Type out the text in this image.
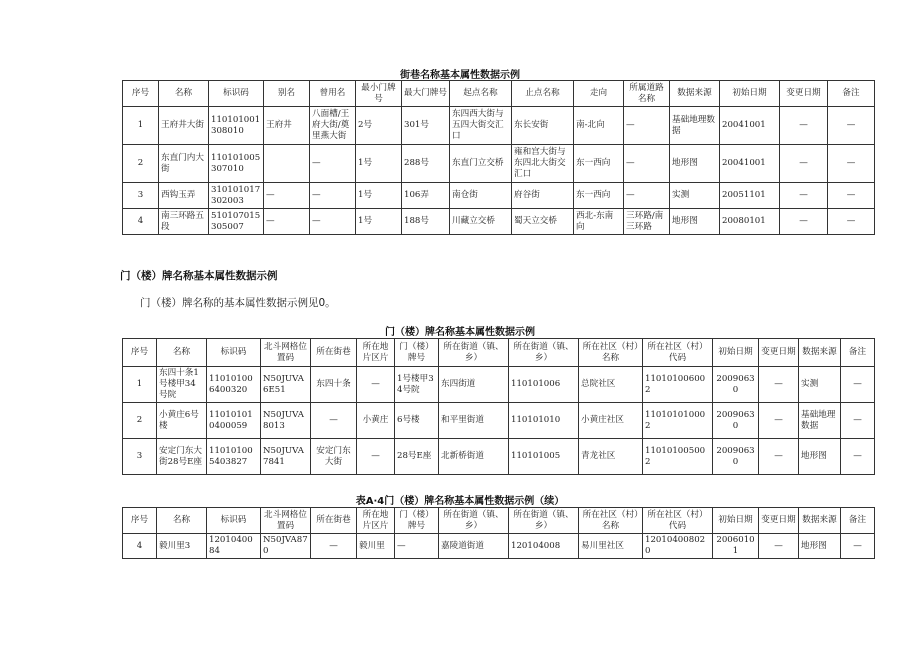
街巷名称基本属性数据示例
序号	名称	标识码	别名	曾用名	最小门牌号	最大门牌号	起点名称	止点名称	走向	所属道路名称	数据来源	初始日期	变更日期	备注
1	王府井大街	110101001308010	王府井	八面槽/王府大街/奠里燕大街	2号	301号	东四西大街与五四大街交汇口	东长安街	南-北向	—	基础地理数据	20041001	—	—
2	东直门内大街	110101005307010		—	1号	288号	东直门立交桥	雍和宫大街与东四北大街交汇口	东一西向	—	地形图	20041001	—	—
3	西钩玉弄	310101017302003	—	—	1号	106弄	南仓街	府谷街	东一西向	—	实测	20051101	—	—
4	南三环路五段	510107015305007	—	—	1号	188号	川藏立交桥	蜀天立交桥	西北-东南向	三环路/南三环路	地形图	20080101	—	—
门（楼）牌名称基本属性数据示例
门（楼）牌名称的基本属性数据示例见0。
门（楼）牌名称基本属性数据示例
序号	名称	标识码	北斗网格位置码	所在街巷	所在地片区片	门（楼）牌号	所在街道（镇、乡）	所在街道（镇、乡）	所在社区（村）名称	所在社区（村）代码	初始日期	变更日期	数据来源	备注
1	东四十条1号楼甲34号院	110101006400320	N50JUVA6E51	东四十条	—	1号楼甲34号院	东四街道	110101006	总院社区	110101006002	20090630	—	实测	—
2	小黄庄6号楼	110101010400059	N50JUVA8013	—	小黄庄	6号楼	和平里街道	110101010	小黄庄社区	110101010002	20090630	—	基础地理数据	—
3	安定门东大街28号E座	110101005403827	N50JUVA7841	安定门东大街	—	28号E座	北新桥街道	110101005	青龙社区	110101005002	20090630	—	地形图	—
表A·4门（楼）牌名称基本属性数据示例（续）
序号	名称	标识码	北斗网格位置码	所在街巷	所在地片区片	门（楼）牌号	所在街道（镇、乡）	所在街道（镇、乡）	所在社区（村）名称	所在社区（村）代码	初始日期	变更日期	数据来源	备注
4	毅川里3	1201040084	N50JVA870	—	毅川里	—	嘉陵道街道	120104008	易川里社区	120104008020	20060101	—	地形图	—
